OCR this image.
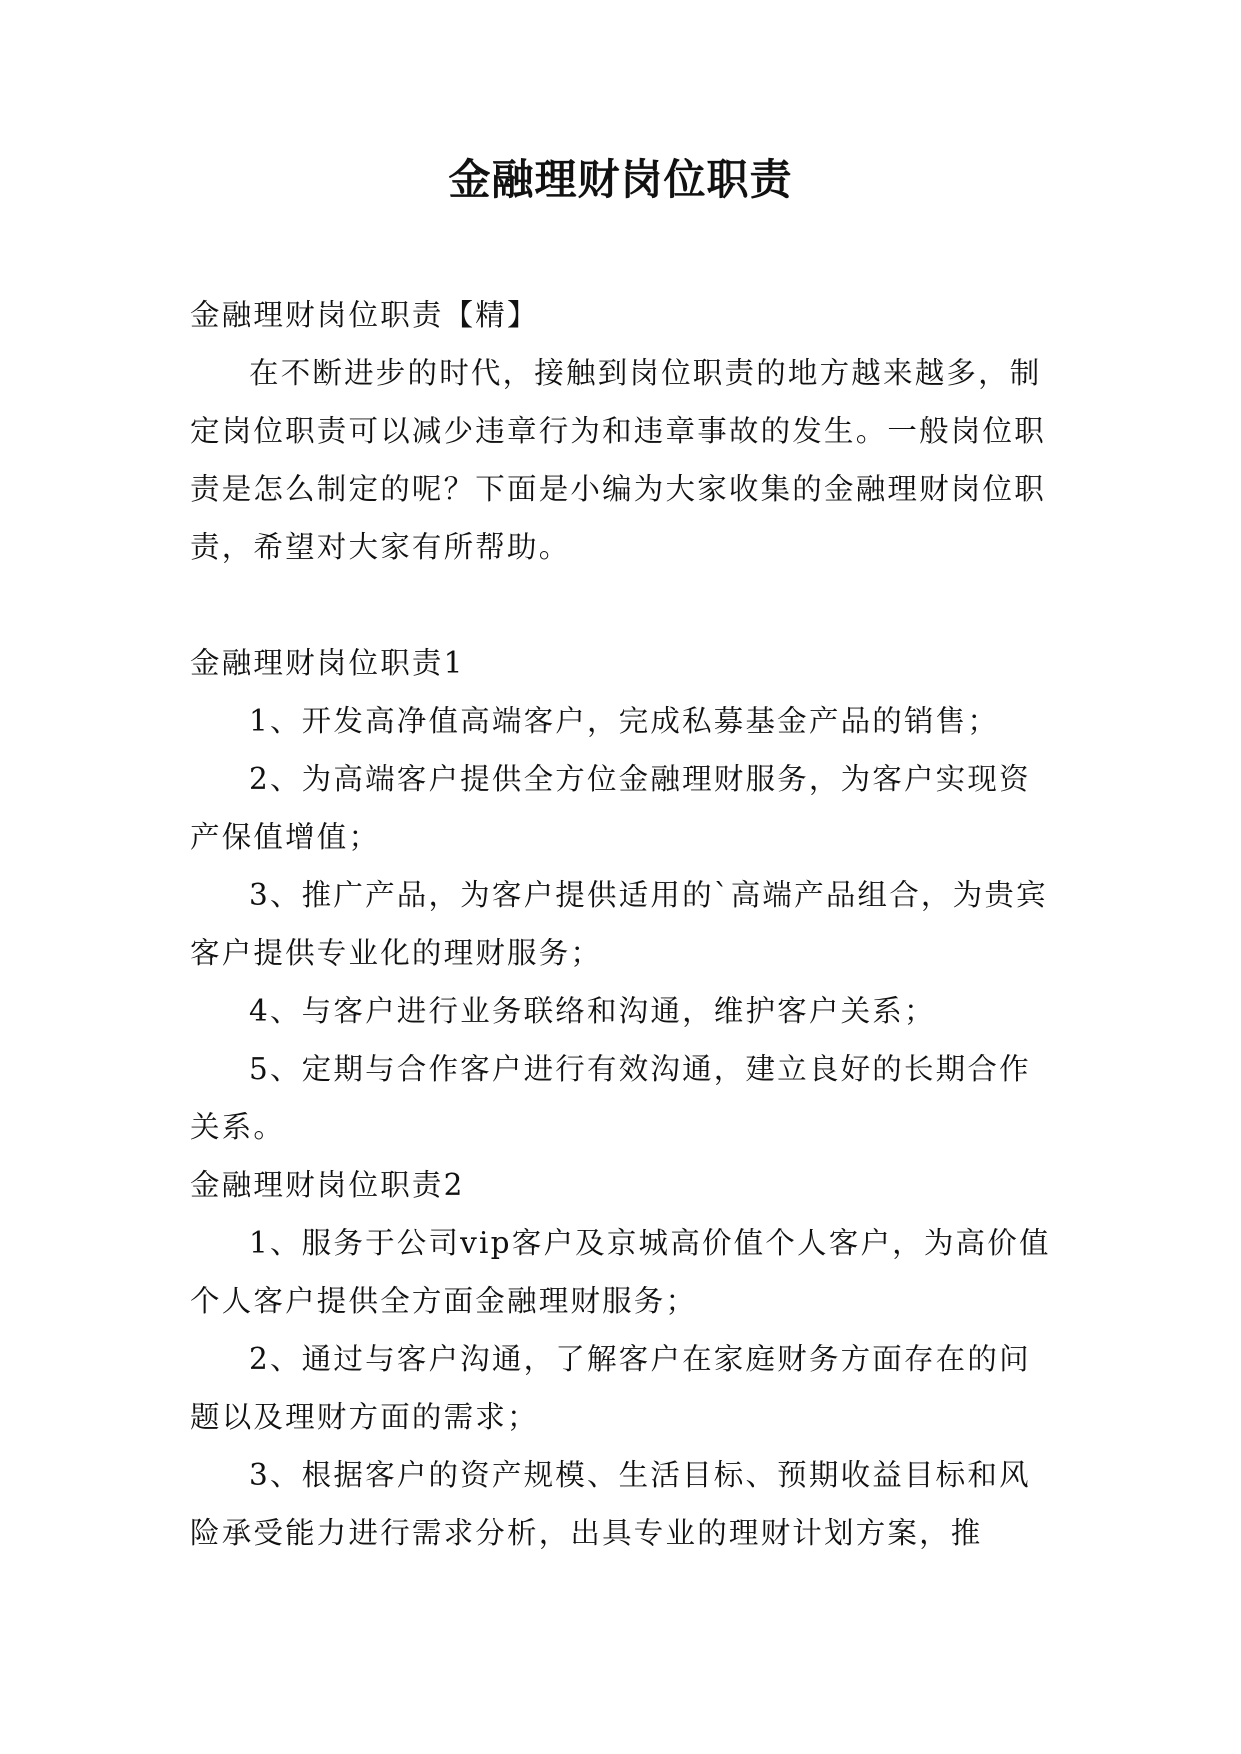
金融理财岗位职责

金融理财岗位职责【精】

在不断进步的时代，接触到岗位职责的地方越来越多，制定岗位职责可以减少违章行为和违章事故的发生。一般岗位职责是怎么制定的呢？下面是小编为大家收集的金融理财岗位职责，希望对大家有所帮助。

金融理财岗位职责1

1、开发高净值高端客户，完成私募基金产品的销售；

2、为高端客户提供全方位金融理财服务，为客户实现资产保值增值；

3、推广产品，为客户提供适用的`高端产品组合，为贵宾客户提供专业化的理财服务；

4、与客户进行业务联络和沟通，维护客户关系；

5、定期与合作客户进行有效沟通，建立良好的长期合作关系。

金融理财岗位职责2

1、服务于公司vip客户及京城高价值个人客户，为高价值个人客户提供全方面金融理财服务；

2、通过与客户沟通，了解客户在家庭财务方面存在的问题以及理财方面的需求；

3、根据客户的资产规模、生活目标、预期收益目标和风险承受能力进行需求分析，出具专业的理财计划方案，推
